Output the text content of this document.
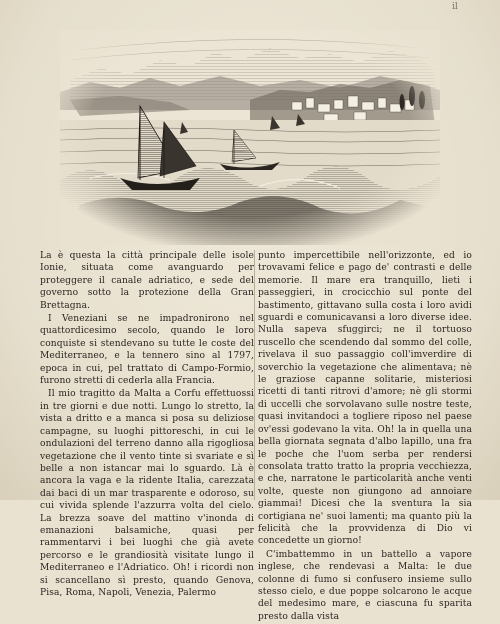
il

La è questa la città principale delle isole Ionie, situata come avanguardo per proteggere il canale adriatico, e sede del governo sotto la protezione della Gran Brettagna.

I Veneziani se ne impadronirono nel quattordicesimo secolo, quando le loro conquiste si stendevano su tutte le coste del Mediterraneo, e la tennero sino al 1797, epoca in cui, pel trattato di Campo-Formio, furono stretti di cederla alla Francia.

Il mio tragitto da Malta a Corfu effettuossi in tre giorni e due notti. Lungo lo stretto, la vista a dritto e a manca si posa su deliziose campagne, su luoghi pittoreschi, in cui le ondulazioni del terreno danno alla rigogliosa vegetazione che il vento tinte si svariate e sì belle a non istancar mai lo sguardo. Là è ancora la vaga e la ridente Italia, carezzata dai baci di un mar trasparente e odoroso, su cui vivida splende l'azzurra volta del cielo. La brezza soave del mattino v'inonda di emanazioni balsamiche, quasi per rammentarvi i bei luoghi che già avete percorso e le grandiosità visitate lungo il Mediterraneo e l'Adriatico. Oh! i ricordi non si scancellano sì presto, quando Genova, Pisa, Roma, Napoli, Venezia, Palermo

punto impercettibile nell'orizzonte, ed io trovavami felice e pago de' contrasti e delle memorie. Il mare era tranquillo, lieti i passeggieri, in crocicchio sul ponte del bastimento, gittavano sulla costa i loro avidi sguardi e comunicavansi a loro diverse idee. Nulla sapeva sfuggirci; ne il tortuoso ruscello che scendendo dal sommo del colle, rivelava il suo passaggio coll'imverdire di soverchio la vegetazione che alimentava; nè le graziose capanne solitarie, misteriosi ricetti di tanti ritrovi d'amore; nè gli stormi di uccelli che sorvolavano sulle nostre teste, quasi invitandoci a togliere riposo nel paese ov'essi godevano la vita. Oh! la in quella una bella giornata segnata d'albo lapillo, una fra le poche che l'uom serba per rendersi consolata tratto tratto la propria vecchiezza, e che, narratone le particolarità anche venti volte, queste non giungono ad annoiare giammai! Dicesi che la sventura la sia cortigiana ne' suoi lamenti; ma quanto più la felicità che la provvidenza di Dio vi concedette un giorno!

C'imbattemmo in un battello a vapore inglese, che rendevasi a Malta: le due colonne di fumo si confusero insieme sullo stesso cielo, e due poppe solcarono le acque del medesimo mare, e ciascuna fu sparita presto dalla vista
